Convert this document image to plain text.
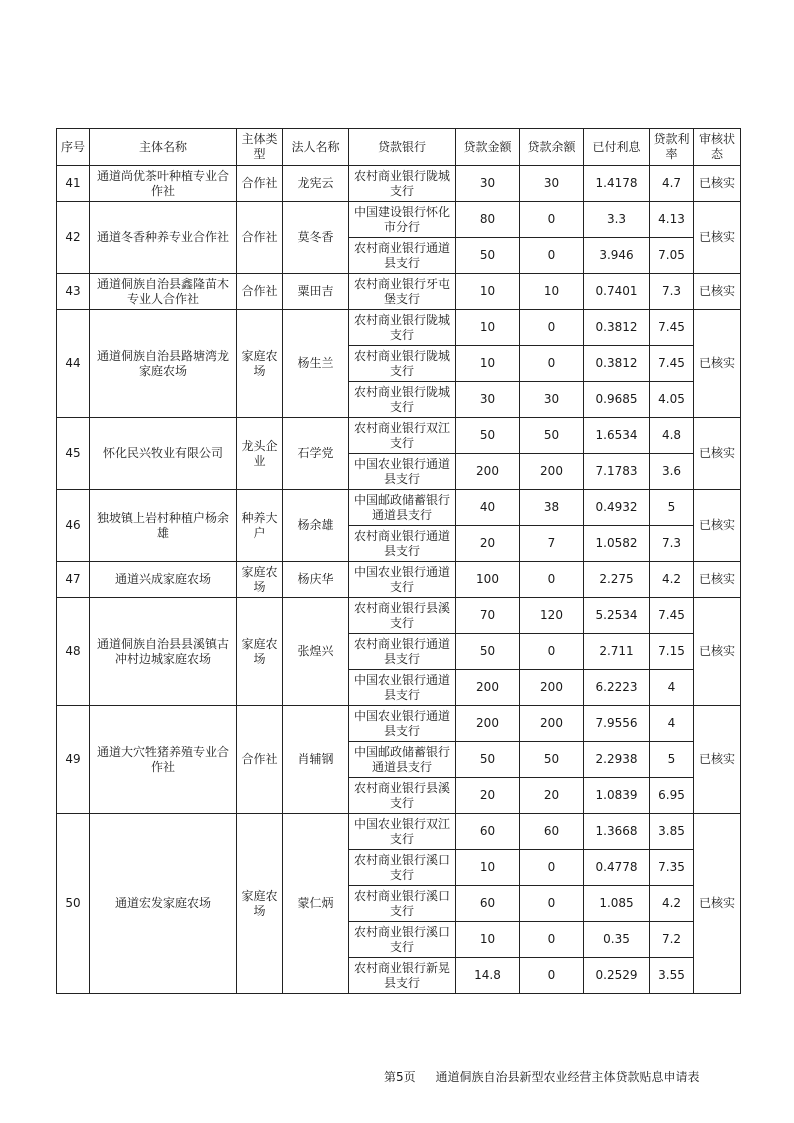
序号	主体名称	主体类型	法人名称	贷款银行	贷款金额	贷款余额	已付利息	贷款利率	审核状态
41	通道尚优茶叶种植专业合作社	合作社	龙宪云	农村商业银行陇城支行	30	30	1.4178	4.7	已核实
42	通道冬香种养专业合作社	合作社	莫冬香	中国建设银行怀化市分行	80	0	3.3	4.13	已核实
				农村商业银行通道县支行	50	0	3.946	7.05	
43	通道侗族自治县鑫隆苗木专业人合作社	合作社	粟田吉	农村商业银行牙屯堡支行	10	10	0.7401	7.3	已核实
44	通道侗族自治县路塘湾龙家庭农场	家庭农场	杨生兰	农村商业银行陇城支行	10	0	0.3812	7.45	已核实
				农村商业银行陇城支行	10	0	0.3812	7.45	
				农村商业银行陇城支行	30	30	0.9685	4.05	
45	怀化民兴牧业有限公司	龙头企业	石学党	农村商业银行双江支行	50	50	1.6534	4.8	已核实
				中国农业银行通道县支行	200	200	7.1783	3.6	
46	独坡镇上岩村种植户杨余雄	种养大户	杨余雄	中国邮政储蓄银行通道县支行	40	38	0.4932	5	已核实
				农村商业银行通道县支行	20	7	1.0582	7.3	
47	通道兴成家庭农场	家庭农场	杨庆华	中国农业银行通道支行	100	0	2.275	4.2	已核实
48	通道侗族自治县县溪镇古冲村边城家庭农场	家庭农场	张煌兴	农村商业银行县溪支行	70	120	5.2534	7.45	已核实
				农村商业银行通道县支行	50	0	2.711	7.15	
				中国农业银行通道县支行	200	200	6.2223	4	
49	通道大穴牲猪养殖专业合作社	合作社	肖辅钢	中国农业银行通道县支行	200	200	7.9556	4	已核实
				中国邮政储蓄银行通道县支行	50	50	2.2938	5	
				农村商业银行县溪支行	20	20	1.0839	6.95	
50	通道宏发家庭农场	家庭农场	蒙仁炳	中国农业银行双江支行	60	60	1.3668	3.85	已核实
				农村商业银行溪口支行	10	0	0.4778	7.35	
				农村商业银行溪口支行	60	0	1.085	4.2	
				农村商业银行溪口支行	10	0	0.35	7.2	
				农村商业银行新晃县支行	14.8	0	0.2529	3.55	
第5页 通道侗族自治县新型农业经营主体贷款贴息申请表
